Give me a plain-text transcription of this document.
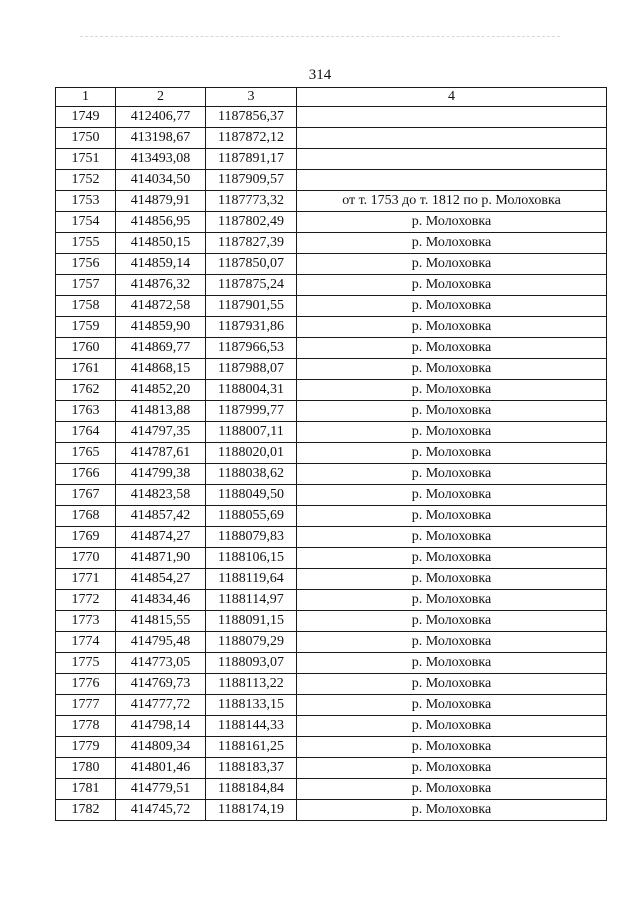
314
1	2	3	4
1749	412406,77	1187856,37	
1750	413198,67	1187872,12	
1751	413493,08	1187891,17	
1752	414034,50	1187909,57	
1753	414879,91	1187773,32	от т. 1753 до т. 1812 по р. Молоховка
1754	414856,95	1187802,49	р. Молоховка
1755	414850,15	1187827,39	р. Молоховка
1756	414859,14	1187850,07	р. Молоховка
1757	414876,32	1187875,24	р. Молоховка
1758	414872,58	1187901,55	р. Молоховка
1759	414859,90	1187931,86	р. Молоховка
1760	414869,77	1187966,53	р. Молоховка
1761	414868,15	1187988,07	р. Молоховка
1762	414852,20	1188004,31	р. Молоховка
1763	414813,88	1187999,77	р. Молоховка
1764	414797,35	1188007,11	р. Молоховка
1765	414787,61	1188020,01	р. Молоховка
1766	414799,38	1188038,62	р. Молоховка
1767	414823,58	1188049,50	р. Молоховка
1768	414857,42	1188055,69	р. Молоховка
1769	414874,27	1188079,83	р. Молоховка
1770	414871,90	1188106,15	р. Молоховка
1771	414854,27	1188119,64	р. Молоховка
1772	414834,46	1188114,97	р. Молоховка
1773	414815,55	1188091,15	р. Молоховка
1774	414795,48	1188079,29	р. Молоховка
1775	414773,05	1188093,07	р. Молоховка
1776	414769,73	1188113,22	р. Молоховка
1777	414777,72	1188133,15	р. Молоховка
1778	414798,14	1188144,33	р. Молоховка
1779	414809,34	1188161,25	р. Молоховка
1780	414801,46	1188183,37	р. Молоховка
1781	414779,51	1188184,84	р. Молоховка
1782	414745,72	1188174,19	р. Молоховка
